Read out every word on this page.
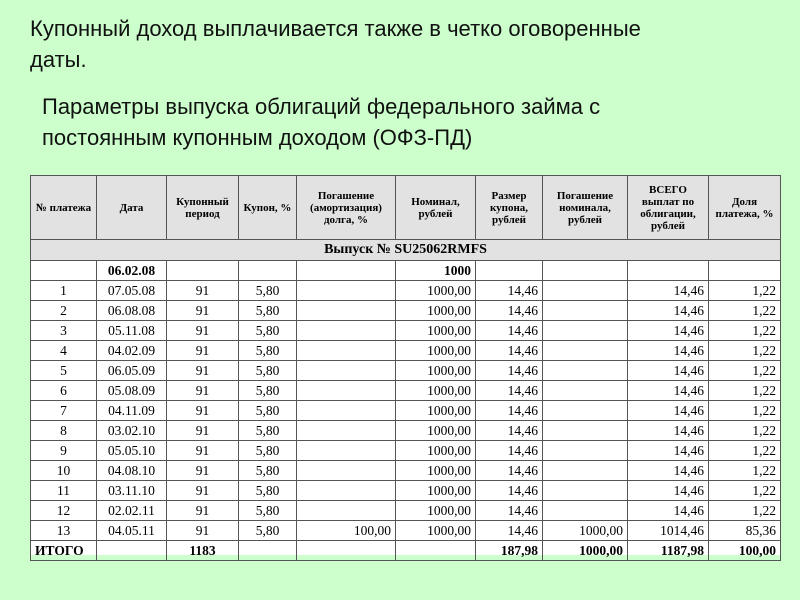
Купонный доход выплачивается также в четко оговоренные даты.

Параметры выпуска облигаций федерального займа с постоянным купонным доходом (ОФЗ-ПД)

№ платежа	Дата	Купонный период	Купон, %	Погашение (амортизация) долга, %	Номинал, рублей	Размер купона, рублей	Погашение номинала, рублей	ВСЕГО выплат по облигации, рублей	Доля платежа, %
Выпуск № SU25062RMFS									
	06.02.08				1000				
1	07.05.08	91	5,80		1000,00	14,46		14,46	1,22
2	06.08.08	91	5,80		1000,00	14,46		14,46	1,22
3	05.11.08	91	5,80		1000,00	14,46		14,46	1,22
4	04.02.09	91	5,80		1000,00	14,46		14,46	1,22
5	06.05.09	91	5,80		1000,00	14,46		14,46	1,22
6	05.08.09	91	5,80		1000,00	14,46		14,46	1,22
7	04.11.09	91	5,80		1000,00	14,46		14,46	1,22
8	03.02.10	91	5,80		1000,00	14,46		14,46	1,22
9	05.05.10	91	5,80		1000,00	14,46		14,46	1,22
10	04.08.10	91	5,80		1000,00	14,46		14,46	1,22
11	03.11.10	91	5,80		1000,00	14,46		14,46	1,22
12	02.02.11	91	5,80		1000,00	14,46		14,46	1,22
13	04.05.11	91	5,80	100,00	1000,00	14,46	1000,00	1014,46	85,36
ИТОГО		1183				187,98	1000,00	1187,98	100,00
